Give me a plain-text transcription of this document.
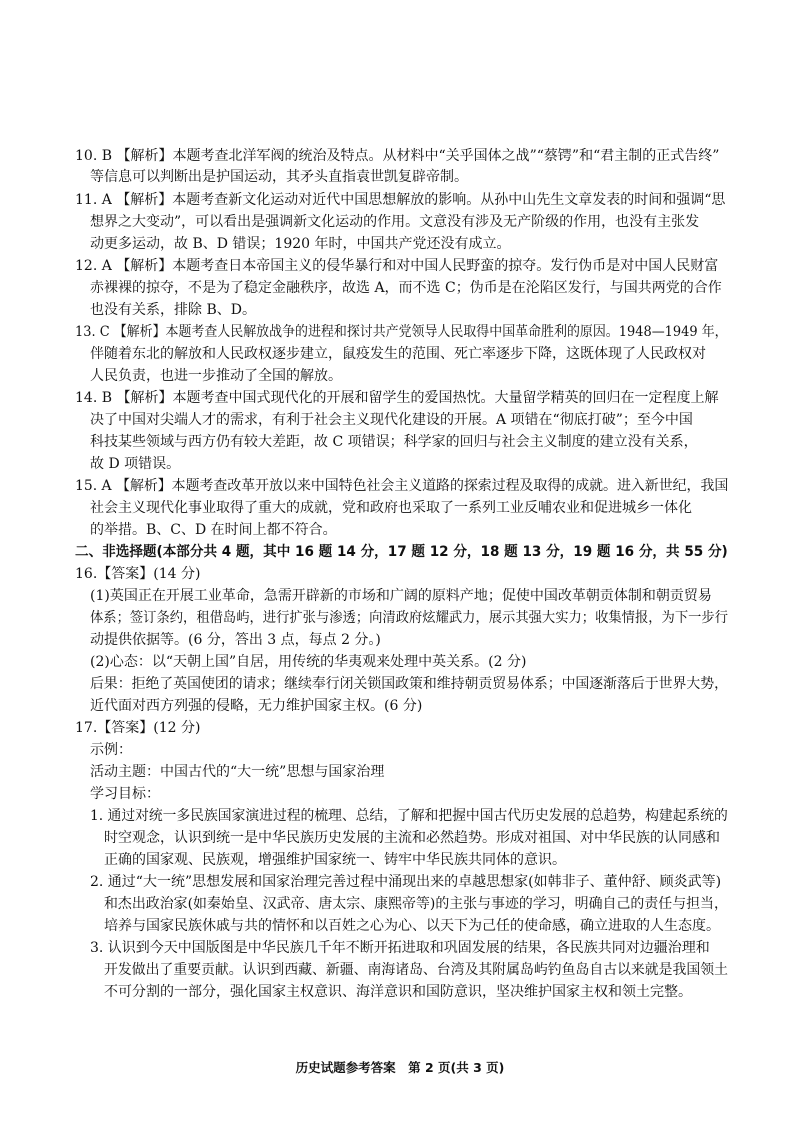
10. B 【解析】本题考查北洋军阀的统治及特点。从材料中“关乎国体之战”“蔡锷”和“君主制的正式告终”
等信息可以判断出是护国运动，其矛头直指袁世凯复辟帝制。
11. A 【解析】本题考查新文化运动对近代中国思想解放的影响。从孙中山先生文章发表的时间和强调“思
想界之大变动”，可以看出是强调新文化运动的作用。文意没有涉及无产阶级的作用，也没有主张发
动更多运动，故 B、D 错误；1920 年时，中国共产党还没有成立。
12. A 【解析】本题考查日本帝国主义的侵华暴行和对中国人民野蛮的掠夺。发行伪币是对中国人民财富
赤裸裸的掠夺，不是为了稳定金融秩序，故选 A，而不选 C；伪币是在沦陷区发行，与国共两党的合作
也没有关系，排除 B、D。
13. C 【解析】本题考查人民解放战争的进程和探讨共产党领导人民取得中国革命胜利的原因。1948—1949 年，
伴随着东北的解放和人民政权逐步建立，鼠疫发生的范围、死亡率逐步下降，这既体现了人民政权对
人民负责，也进一步推动了全国的解放。
14. B 【解析】本题考查中国式现代化的开展和留学生的爱国热忱。大量留学精英的回归在一定程度上解
决了中国对尖端人才的需求，有利于社会主义现代化建设的开展。A 项错在“彻底打破”；至今中国
科技某些领域与西方仍有较大差距，故 C 项错误；科学家的回归与社会主义制度的建立没有关系，
故 D 项错误。
15. A 【解析】本题考查改革开放以来中国特色社会主义道路的探索过程及取得的成就。进入新世纪，我国
社会主义现代化事业取得了重大的成就，党和政府也采取了一系列工业反哺农业和促进城乡一体化
的举措。B、C、D 在时间上都不符合。
二、非选择题(本部分共 4 题，其中 16 题 14 分，17 题 12 分，18 题 13 分，19 题 16 分，共 55 分)
16.【答案】(14 分)
(1)英国正在开展工业革命，急需开辟新的市场和广阔的原料产地；促使中国改革朝贡体制和朝贡贸易
体系；签订条约，租借岛屿，进行扩张与渗透；向清政府炫耀武力，展示其强大实力；收集情报，为下一步行
动提供依据等。(6 分，答出 3 点，每点 2 分。)
(2)心态：以“天朝上国”自居，用传统的华夷观来处理中英关系。(2 分)
后果：拒绝了英国使团的请求；继续奉行闭关锁国政策和维持朝贡贸易体系；中国逐渐落后于世界大势，
近代面对西方列强的侵略，无力维护国家主权。(6 分)
17.【答案】(12 分)
示例：
活动主题：中国古代的“大一统”思想与国家治理
学习目标：
1. 通过对统一多民族国家演进过程的梳理、总结，了解和把握中国古代历史发展的总趋势，构建起系统的
时空观念，认识到统一是中华民族历史发展的主流和必然趋势。形成对祖国、对中华民族的认同感和
正确的国家观、民族观，增强维护国家统一、铸牢中华民族共同体的意识。
2. 通过“大一统”思想发展和国家治理完善过程中涌现出来的卓越思想家(如韩非子、董仲舒、顾炎武等)
和杰出政治家(如秦始皇、汉武帝、唐太宗、康熙帝等)的主张与事迹的学习，明确自己的责任与担当，
培养与国家民族休戚与共的情怀和以百姓之心为心、以天下为己任的使命感，确立进取的人生态度。
3. 认识到今天中国版图是中华民族几千年不断开拓进取和巩固发展的结果，各民族共同对边疆治理和
开发做出了重要贡献。认识到西藏、新疆、南海诸岛、台湾及其附属岛屿钓鱼岛自古以来就是我国领土
不可分割的一部分，强化国家主权意识、海洋意识和国防意识，坚决维护国家主权和领土完整。
历史试题参考答案　第 2 页(共 3 页)
